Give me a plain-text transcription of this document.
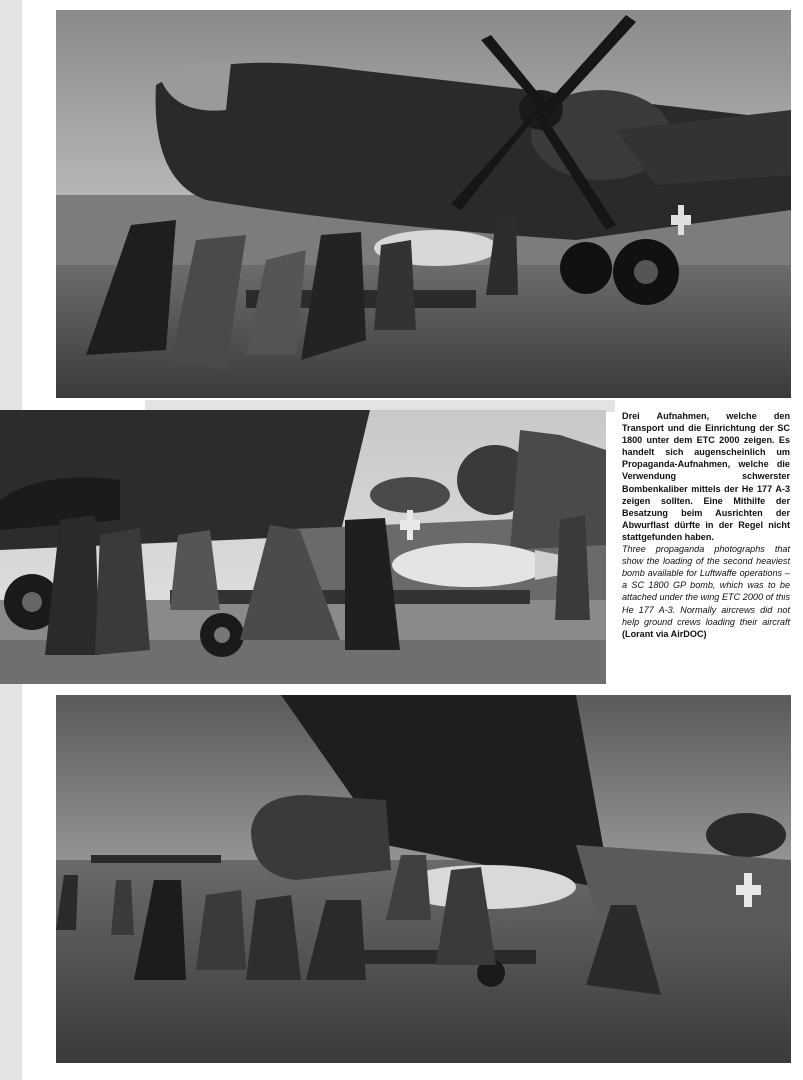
Drei Aufnahmen, welche den Transport und die Einrichtung der SC 1800 unter dem ETC 2000 zeigen. Es handelt sich augenscheinlich um Propaganda-Aufnahmen, welche die Verwendung schwerster Bombenkaliber mittels der He 177 A-3 zeigen sollten. Eine Mithilfe der Besatzung beim Ausrichten der Abwurflast dürfte in der Regel nicht stattgefunden haben.

Three propaganda photographs that show the loading of the second heaviest bomb available for Luftwaffe operations – a SC 1800 GP bomb, which was to be attached under the wing ETC 2000 of this He 177 A-3. Normally aircrews did not help ground crews loading their aircraft (Lorant via AirDOC)
